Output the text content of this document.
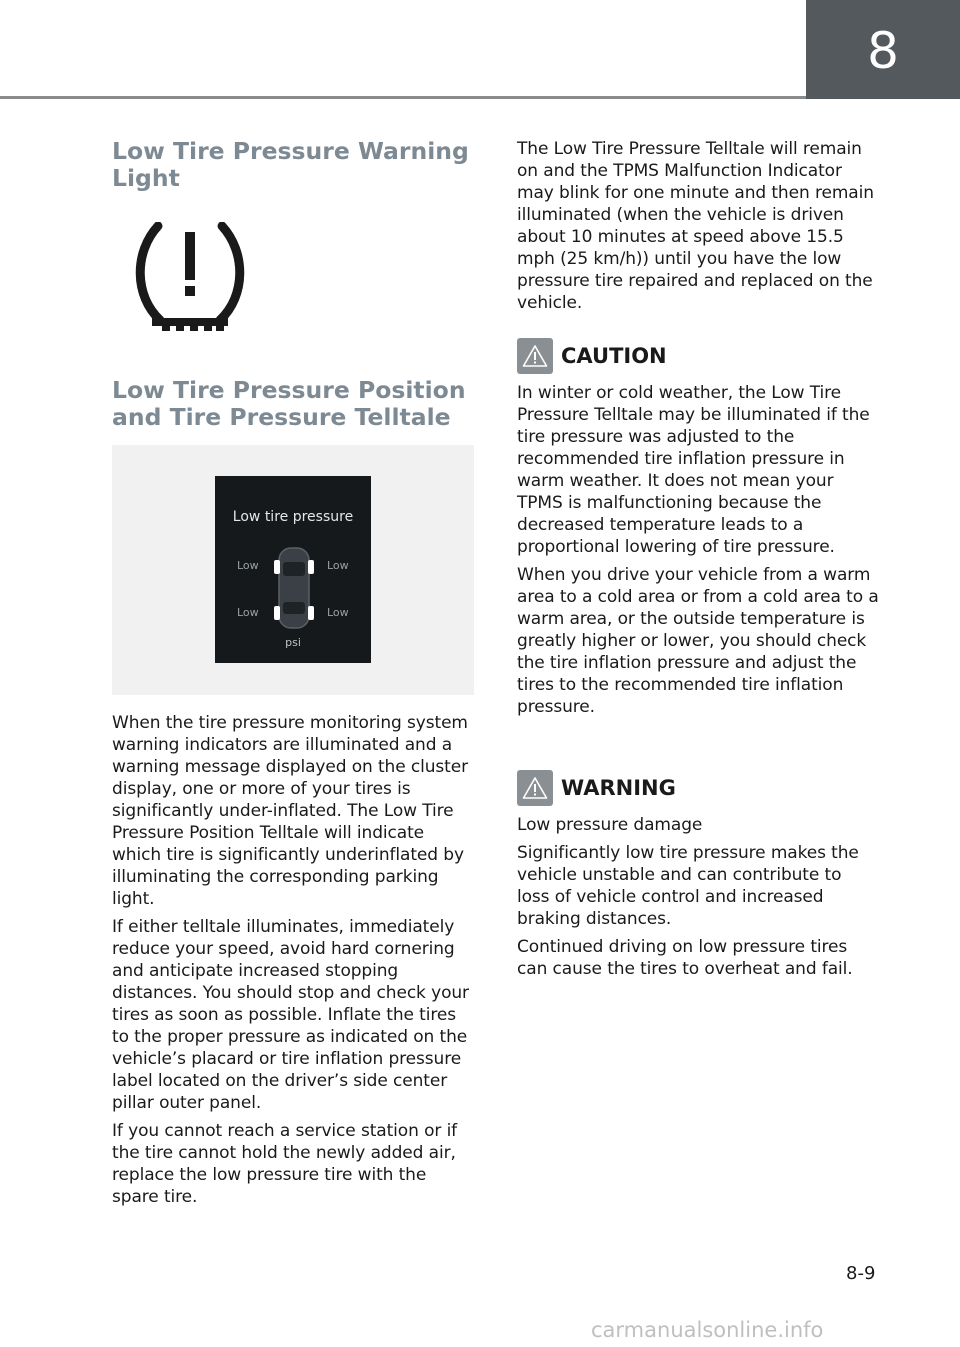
8
Low Tire Pressure Warning Light
Low Tire Pressure Position and Tire Pressure Telltale
Low tire pressure
Low	Low
Low	Low
psi

When the tire pressure monitoring system warning indicators are illuminated and a warning message displayed on the cluster display, one or more of your tires is significantly under-inflated. The Low Tire Pressure Position Telltale will indicate which tire is significantly underinflated by illuminating the corresponding parking light.

If either telltale illuminates, immediately reduce your speed, avoid hard cornering and anticipate increased stopping distances. You should stop and check your tires as soon as possible. Inflate the tires to the proper pressure as indicated on the vehicle’s placard or tire inflation pressure label located on the driver’s side center pillar outer panel.

If you cannot reach a service station or if the tire cannot hold the newly added air, replace the low pressure tire with the spare tire.

The Low Tire Pressure Telltale will remain on and the TPMS Malfunction Indicator may blink for one minute and then remain illuminated (when the vehicle is driven about 10 minutes at speed above 15.5 mph (25 km/h)) until you have the low pressure tire repaired and replaced on the vehicle.

CAUTION

In winter or cold weather, the Low Tire Pressure Telltale may be illuminated if the tire pressure was adjusted to the recommended tire inflation pressure in warm weather. It does not mean your TPMS is malfunctioning because the decreased temperature leads to a proportional lowering of tire pressure.

When you drive your vehicle from a warm area to a cold area or from a cold area to a warm area, or the outside temperature is greatly higher or lower, you should check the tire inflation pressure and adjust the tires to the recommended tire inflation pressure.

WARNING

Low pressure damage

Significantly low tire pressure makes the vehicle unstable and can contribute to loss of vehicle control and increased braking distances.

Continued driving on low pressure tires can cause the tires to overheat and fail.

8-9
carmanualsonline.info
